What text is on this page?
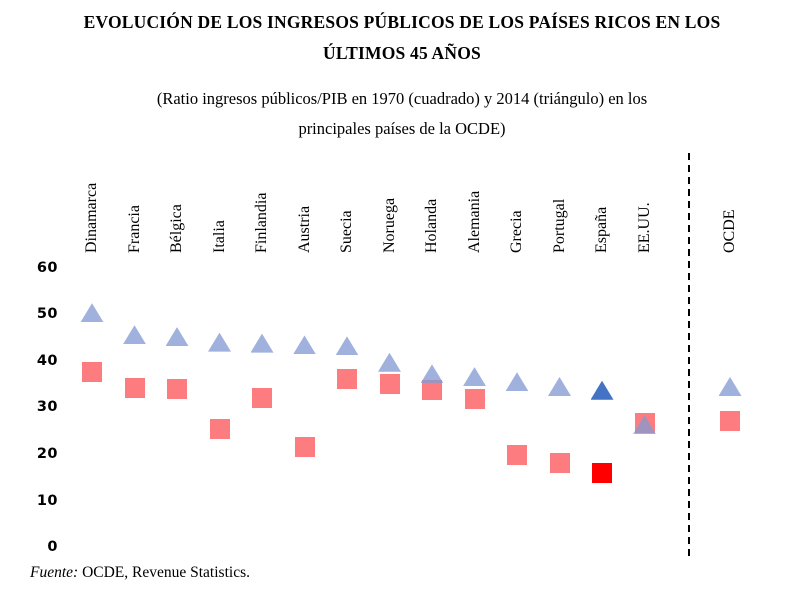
EVOLUCIÓN DE LOS INGRESOS PÚBLICOS DE LOS PAÍSES RICOS EN LOS
ÚLTIMOS 45 AÑOS
(Ratio ingresos públicos/PIB en 1970 (cuadrado) y 2014 (triángulo) en los
principales países de la OCDE)
60
50
40
30
20
10
0
Dinamarca Francia Bélgica Italia Finlandia Austria Suecia Noruega Holanda Alemania Grecia Portugal España EE.UU.	OCDE
Fuente: OCDE, Revenue Statistics.
